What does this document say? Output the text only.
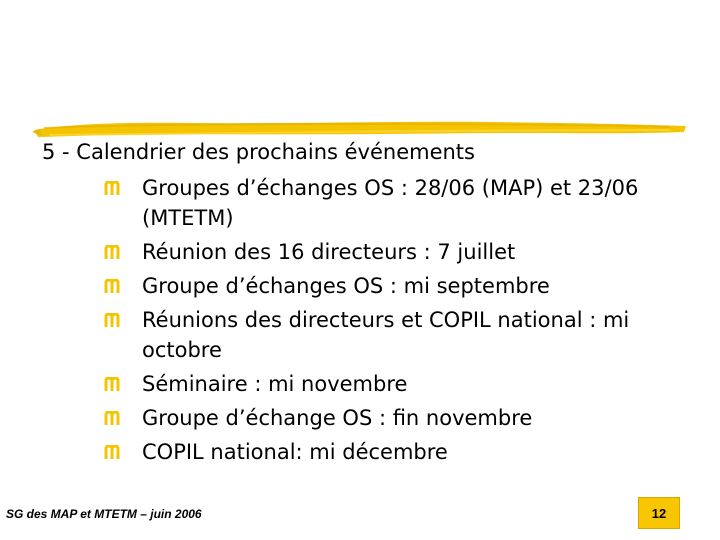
5 - Calendrier des prochains événements
Groupes d’échanges OS : 28/06 (MAP) et 23/06 (MTETM)
Réunion des 16 directeurs : 7 juillet
Groupe d’échanges OS : mi septembre
Réunions des directeurs et COPIL national : mi octobre
Séminaire : mi novembre
Groupe d’échange OS : fin novembre
COPIL national: mi décembre
SG des MAP et MTETM – juin 2006	12
